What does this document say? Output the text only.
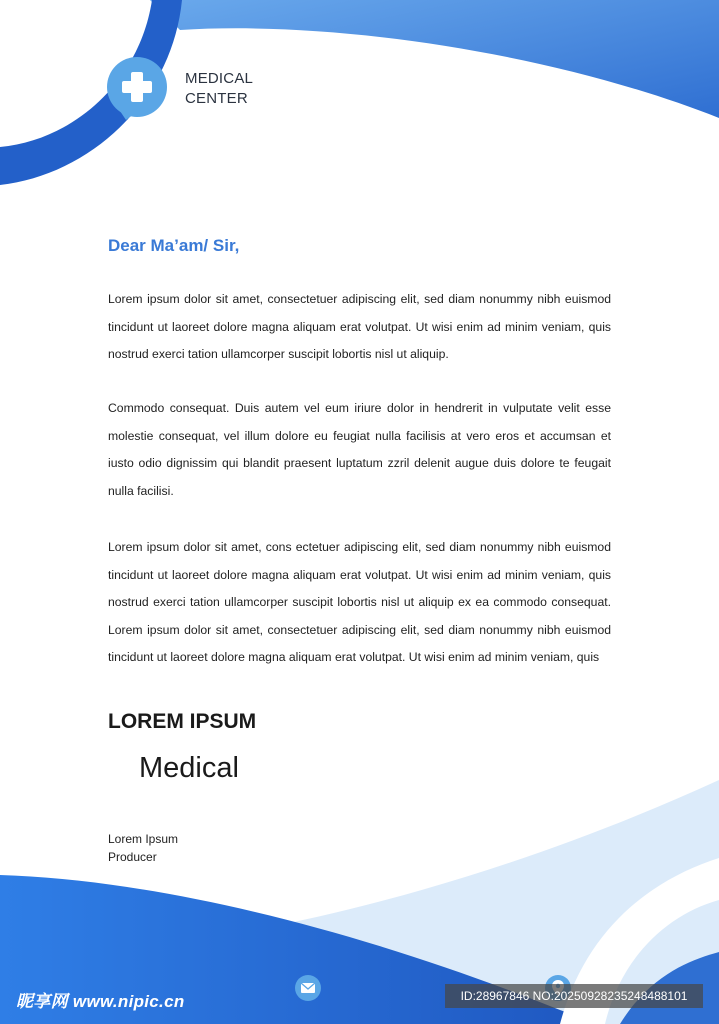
MEDICAL
CENTER
Dear Ma’am/ Sir,
Lorem ipsum dolor sit amet, consectetuer adipiscing elit, sed diam nonummy nibh euismod tincidunt ut laoreet dolore magna aliquam erat volutpat. Ut wisi enim ad minim veniam, quis nostrud exerci tation ullamcorper suscipit lobortis nisl ut aliquip.
Commodo consequat. Duis autem vel eum iriure dolor in hendrerit in vulputate velit esse molestie consequat, vel illum dolore eu feugiat nulla facilisis at vero eros et accumsan et iusto odio dignissim qui blandit praesent luptatum zzril delenit augue duis dolore te feugait nulla facilisi.
Lorem ipsum dolor sit amet, cons ectetuer adipiscing elit, sed diam nonummy nibh euismod tincidunt ut laoreet dolore magna aliquam erat volutpat. Ut wisi enim ad minim veniam, quis nostrud exerci tation ullamcorper suscipit lobortis nisl ut aliquip ex ea commodo consequat. Lorem ipsum dolor sit amet, consectetuer adipiscing elit, sed diam nonummy nibh euismod tincidunt ut laoreet dolore magna aliquam erat volutpat. Ut wisi enim ad minim veniam, quis
LOREM IPSUM
Medical
Lorem Ipsum
Producer
昵享网 www.nipic.cn	ID:28967846 NO:20250928235248488101
